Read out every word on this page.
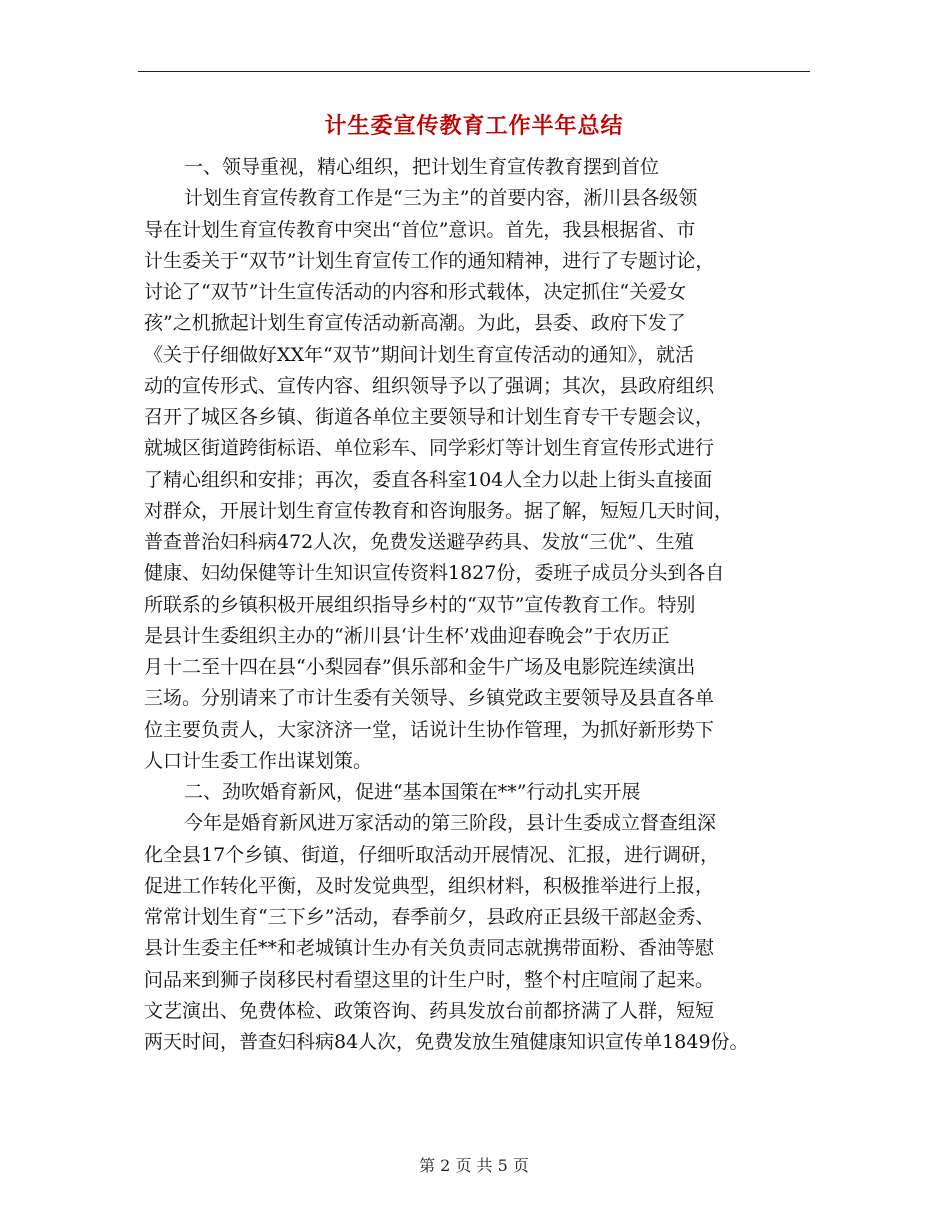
计生委宣传教育工作半年总结
一、领导重视，精心组织，把计划生育宣传教育摆到首位
计划生育宣传教育工作是“三为主”的首要内容，淅川县各级领
导在计划生育宣传教育中突出“首位”意识。首先，我县根据省、市
计生委关于“双节”计划生育宣传工作的通知精神，进行了专题讨论，
讨论了“双节”计生宣传活动的内容和形式载体，决定抓住“关爱女
孩”之机掀起计划生育宣传活动新高潮。为此，县委、政府下发了
《关于仔细做好XX年“双节”期间计划生育宣传活动的通知》，就活
动的宣传形式、宣传内容、组织领导予以了强调；其次，县政府组织
召开了城区各乡镇、街道各单位主要领导和计划生育专干专题会议，
就城区街道跨街标语、单位彩车、同学彩灯等计划生育宣传形式进行
了精心组织和安排；再次，委直各科室104人全力以赴上街头直接面
对群众，开展计划生育宣传教育和咨询服务。据了解，短短几天时间，
普查普治妇科病472人次，免费发送避孕药具、发放“三优”、生殖
健康、妇幼保健等计生知识宣传资料1827份，委班子成员分头到各自
所联系的乡镇积极开展组织指导乡村的“双节”宣传教育工作。特别
是县计生委组织主办的“淅川县‘计生杯’戏曲迎春晚会”于农历正
月十二至十四在县“小梨园春”俱乐部和金牛广场及电影院连续演出
三场。分别请来了市计生委有关领导、乡镇党政主要领导及县直各单
位主要负责人，大家济济一堂，话说计生协作管理，为抓好新形势下
人口计生委工作出谋划策。
二、劲吹婚育新风，促进“基本国策在**”行动扎实开展
今年是婚育新风进万家活动的第三阶段，县计生委成立督查组深
化全县17个乡镇、街道，仔细听取活动开展情况、汇报，进行调研，
促进工作转化平衡，及时发觉典型，组织材料，积极推举进行上报，
常常计划生育“三下乡”活动，春季前夕，县政府正县级干部赵金秀、
县计生委主任**和老城镇计生办有关负责同志就携带面粉、香油等慰
问品来到狮子岗移民村看望这里的计生户时，整个村庄喧闹了起来。
文艺演出、免费体检、政策咨询、药具发放台前都挤满了人群，短短
两天时间，普查妇科病84人次，免费发放生殖健康知识宣传单1849份。
第 2 页 共 5 页
